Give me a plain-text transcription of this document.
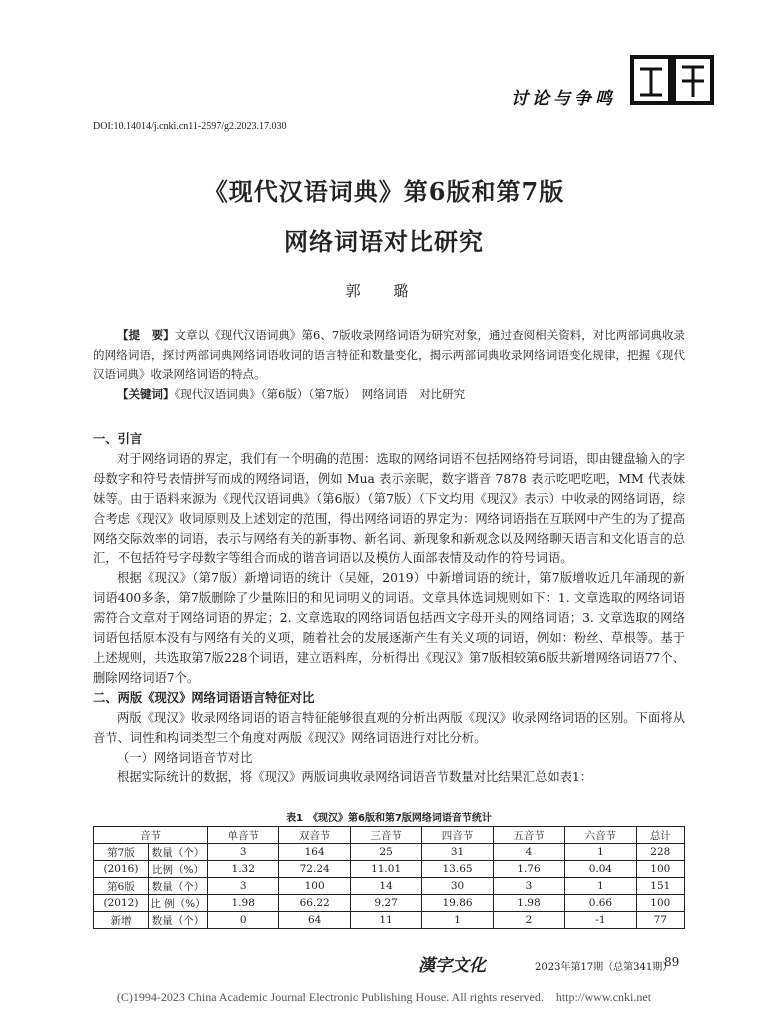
讨论与争鸣
DOI:10.14014/j.cnki.cn11-2597/g2.2023.17.030
《现代汉语词典》第6版和第7版
网络词语对比研究
郭 璐

【提　要】文章以《现代汉语词典》第6、7版收录网络词语为研究对象，通过查阅相关资料，对比两部词典收录的网络词语，探讨两部词典网络词语收词的语言特征和数量变化，揭示两部词典收录网络词语变化规律，把握《现代汉语词典》收录网络词语的特点。

【关键词】《现代汉语词典》（第6版）（第7版）　网络词语　对比研究

一、引言

对于网络词语的界定，我们有一个明确的范围：选取的网络词语不包括网络符号词语，即由键盘输入的字母数字和符号表情拼写而成的网络词语，例如 Mua 表示亲昵，数字谐音 7878 表示吃吧吃吧，MM 代表妹妹等。由于语料来源为《现代汉语词典》（第6版）（第7版）（下文均用《现汉》表示）中收录的网络词语，综合考虑《现汉》收词原则及上述划定的范围，得出网络词语的界定为：网络词语指在互联网中产生的为了提高网络交际效率的词语，表示与网络有关的新事物、新名词、新现象和新观念以及网络聊天语言和文化语言的总汇，不包括符号字母数字等组合而成的谐音词语以及模仿人面部表情及动作的符号词语。

根据《现汉》（第7版）新增词语的统计（吴娅，2019）中新增词语的统计，第7版增收近几年涌现的新词语400多条，第7版删除了少量陈旧的和见词明义的词语。文章具体选词规则如下：1. 文章选取的网络词语需符合文章对于网络词语的界定；2. 文章选取的网络词语包括西文字母开头的网络词语；3. 文章选取的网络词语包括原本没有与网络有关的义项，随着社会的发展逐渐产生有关义项的词语，例如：粉丝、草根等。基于上述规则，共选取第7版228个词语，建立语料库，分析得出《现汉》第7版相较第6版共新增网络词语77个、删除网络词语7个。

二、两版《现汉》网络词语语言特征对比

两版《现汉》收录网络词语的语言特征能够很直观的分析出两版《现汉》收录网络词语的区别。下面将从音节、词性和构词类型三个角度对两版《现汉》网络词语进行对比分析。

（一）网络词语音节对比

根据实际统计的数据，将《现汉》两版词典收录网络词语音节数量对比结果汇总如表1：

表1　《现汉》第6版和第7版网络词语音节统计
音节		单音节	双音节	三音节	四音节	五音节	六音节	总计
第7版	数量（个）	3	164	25	31	4	1	228
(2016)	比例（%）	1.32	72.24	11.01	13.65	1.76	0.04	100
第6版	数量（个）	3	100	14	30	3	1	151
(2012)	比 例（%）	1.98	66.22	9.27	19.86	1.98	0.66	100
新增	数量（个）	0	64	11	1	2	-1	77
漢字文化	2023年第17期（总第341期）
89
(C)1994-2023 China Academic Journal Electronic Publishing House. All rights reserved.　http://www.cnki.net
